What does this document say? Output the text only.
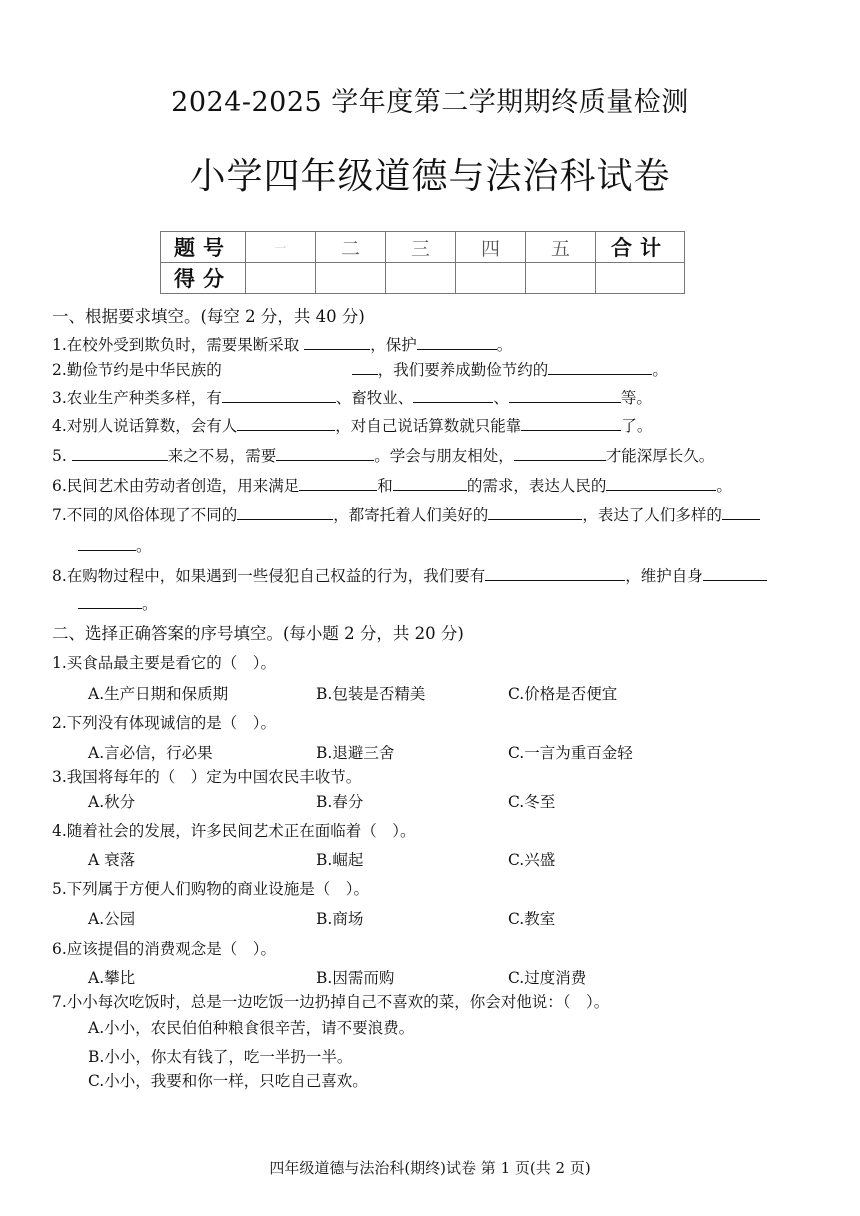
2024-2025 学年度第二学期期终质量检测
小学四年级道德与法治科试卷
题号	一	二	三	四	五	合计
得分						
一、根据要求填空。(每空 2 分，共 40 分)
1.在校外受到欺负时，需要果断采取	，保护	。
2.勤俭节约是中华民族的	，我们要养成勤俭节约的	。
3.农业生产种类多样，有	、畜牧业、	、	等。
4.对别人说话算数，会有人	，对自己说话算数就只能靠	了。
5.	来之不易，需要	。学会与朋友相处，	才能深厚长久。
6.民间艺术由劳动者创造，用来满足	和	的需求，表达人民的	。
7.不同的风俗体现了不同的	，都寄托着人们美好的	，表达了人们多样的
。
8.在购物过程中，如果遇到一些侵犯自己权益的行为，我们要有	，维护自身
。
二、选择正确答案的序号填空。(每小题 2 分，共 20 分)
1.买食品最主要是看它的（　）。
A.生产日期和保质期	B.包装是否精美	C.价格是否便宜
2.下列没有体现诚信的是（　）。
A.言必信，行必果	B.退避三舍	C.一言为重百金轻
3.我国将每年的（　）定为中国农民丰收节。
A.秋分	B.春分	C.冬至
4.随着社会的发展，许多民间艺术正在面临着（　）。
A 衰落	B.崛起	C.兴盛
5.下列属于方便人们购物的商业设施是（　）。
A.公园	B.商场	C.教室
6.应该提倡的消费观念是（　）。
A.攀比	B.因需而购	C.过度消费
7.小小每次吃饭时，总是一边吃饭一边扔掉自己不喜欢的菜，你会对他说：（　）。
A.小小，农民伯伯种粮食很辛苦，请不要浪费。
B.小小，你太有钱了，吃一半扔一半。
C.小小，我要和你一样，只吃自己喜欢。
四年级道德与法治科(期终)试卷 第 1 页(共 2 页)
